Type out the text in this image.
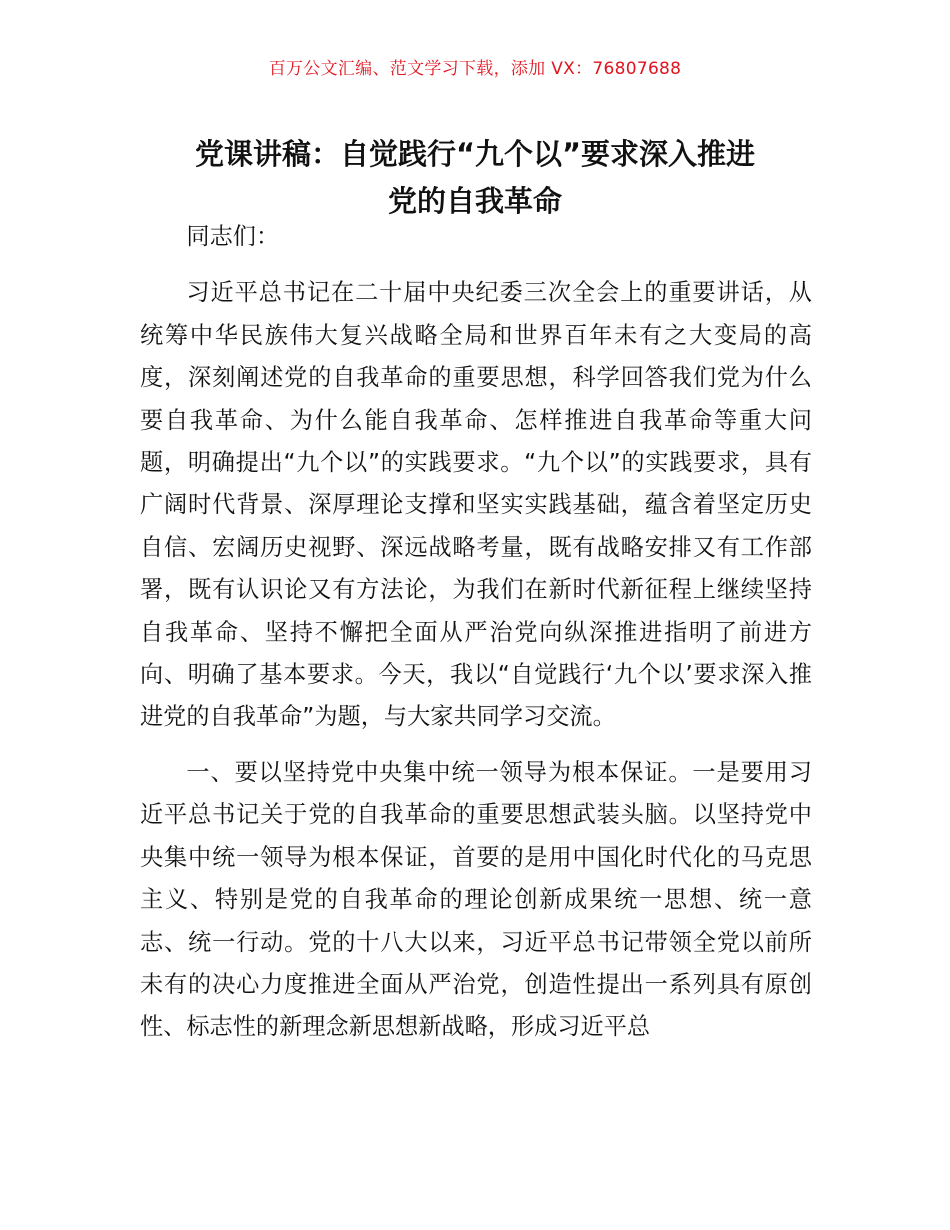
百万公文汇编、范文学习下载，添加 VX：76807688
党课讲稿：自觉践行“九个以”要求深入推进
党的自我革命

同志们：

习近平总书记在二十届中央纪委三次全会上的重要讲话，从统筹中华民族伟大复兴战略全局和世界百年未有之大变局的高度，深刻阐述党的自我革命的重要思想，科学回答我们党为什么要自我革命、为什么能自我革命、怎样推进自我革命等重大问题，明确提出“九个以”的实践要求。“九个以”的实践要求，具有广阔时代背景、深厚理论支撑和坚实实践基础，蕴含着坚定历史自信、宏阔历史视野、深远战略考量，既有战略安排又有工作部署，既有认识论又有方法论，为我们在新时代新征程上继续坚持自我革命、坚持不懈把全面从严治党向纵深推进指明了前进方向、明确了基本要求。今天，我以“自觉践行‘九个以’要求深入推进党的自我革命”为题，与大家共同学习交流。

一、要以坚持党中央集中统一领导为根本保证。一是要用习近平总书记关于党的自我革命的重要思想武装头脑。以坚持党中央集中统一领导为根本保证，首要的是用中国化时代化的马克思主义、特别是党的自我革命的理论创新成果统一思想、统一意志、统一行动。党的十八大以来，习近平总书记带领全党以前所未有的决心力度推进全面从严治党，创造性提出一系列具有原创性、标志性的新理念新思想新战略，形成习近平总
